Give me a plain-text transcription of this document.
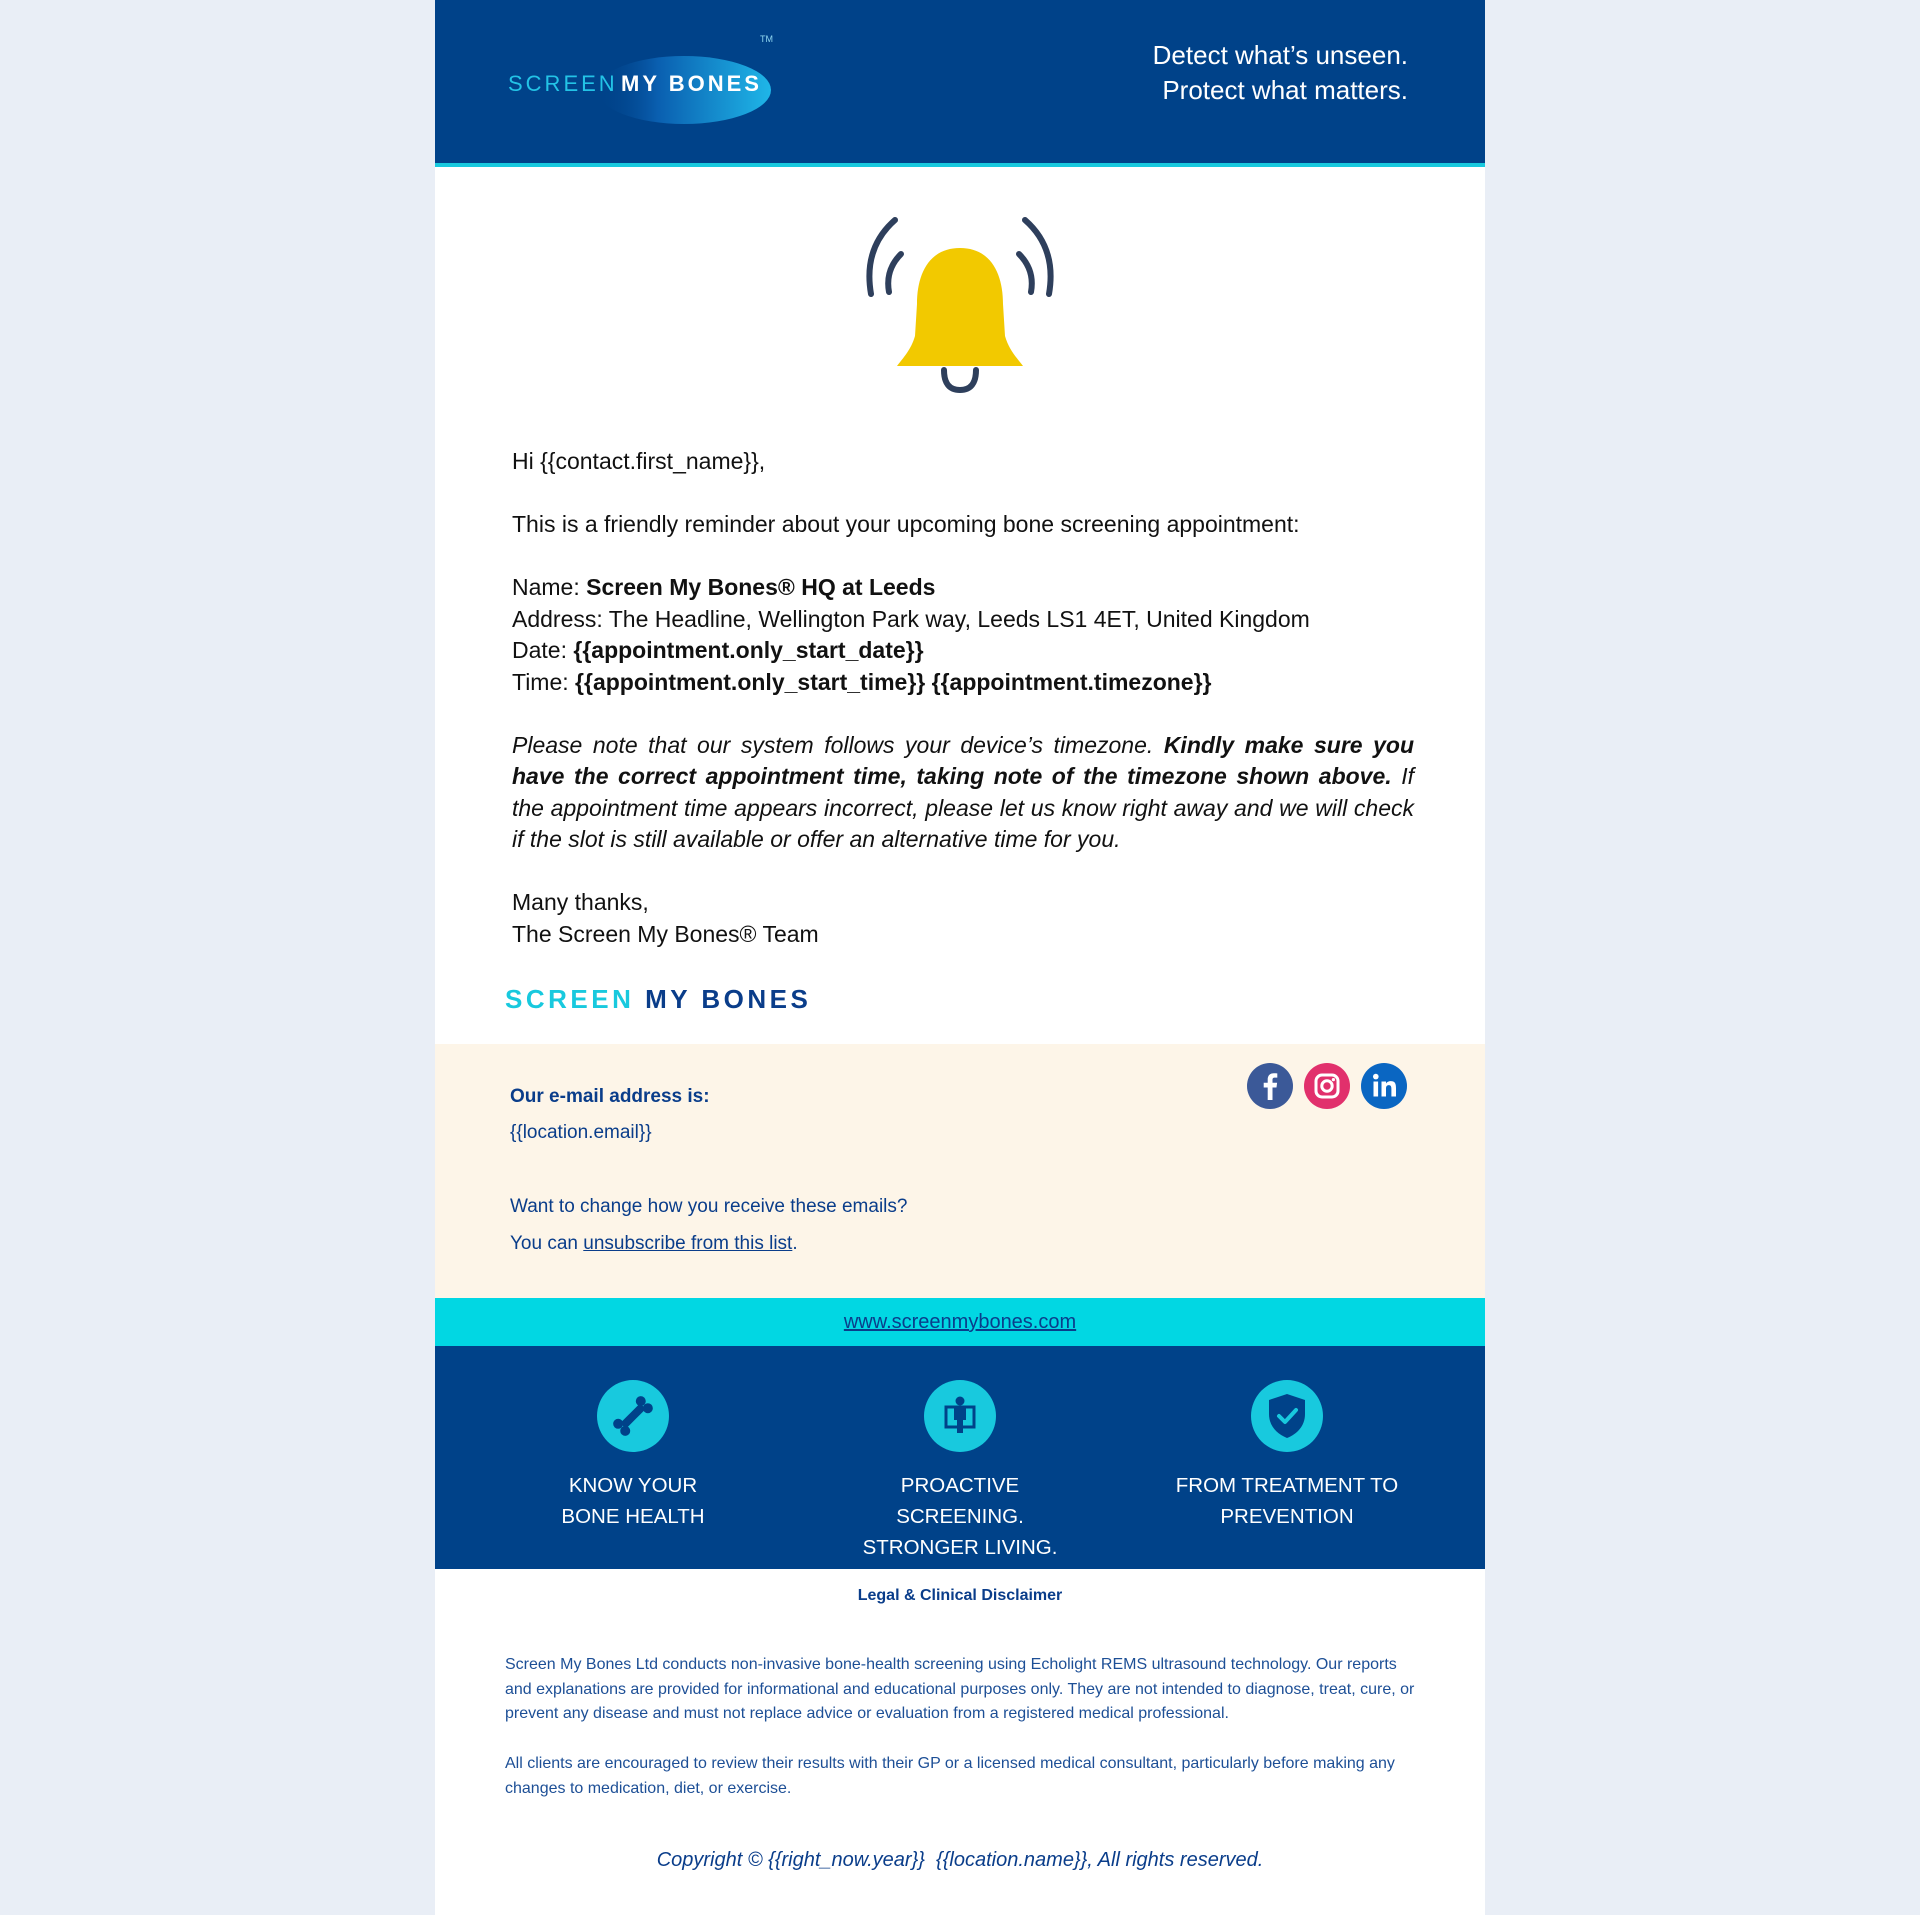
SCREEN MY BONES
TM
Detect what’s unseen.
Protect what matters.

Hi {{contact.first_name}},

This is a friendly reminder about your upcoming bone screening appointment:

Name: Screen My Bones® HQ at Leeds

Address: The Headline, Wellington Park way, Leeds LS1 4ET, United Kingdom

Date: {{appointment.only_start_date}}

Time: {{appointment.only_start_time}} {{appointment.timezone}}

Please note that our system follows your device’s timezone. Kindly make sure you have the correct appointment time, taking note of the timezone shown above. If the appointment time appears incorrect, please let us know right away and we will check if the slot is still available or offer an alternative time for you.

Many thanks,

The Screen My Bones® Team

SCREEN MY BONES
Our e-mail address is:
{{location.email}}
Want to change how you receive these emails?
You can unsubscribe from this list.
www.screenmybones.com
KNOW YOUR
BONE HEALTH
PROACTIVE SCREENING.
STRONGER LIVING.
FROM TREATMENT TO
PREVENTION
Legal & Clinical Disclaimer
Screen My Bones Ltd conducts non-invasive bone-health screening using Echolight REMS ultrasound technology. Our reports and explanations are provided for informational and educational purposes only. They are not intended to diagnose, treat, cure, or prevent any disease and must not replace advice or evaluation from a registered medical professional.
All clients are encouraged to review their results with their GP or a licensed medical consultant, particularly before making any changes to medication, diet, or exercise.
Copyright © {{right_now.year}}  {{location.name}}, All rights reserved.
